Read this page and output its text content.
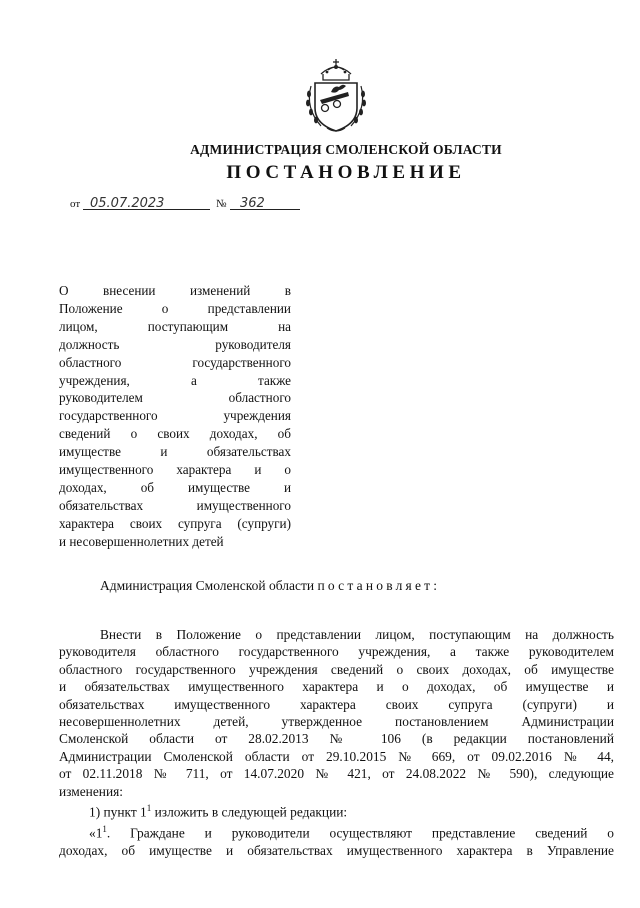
АДМИНИСТРАЦИЯ СМОЛЕНСКОЙ ОБЛАСТИ
ПОСТАНОВЛЕНИЕ
от 05.07.2023	№ 362
О внесении изменений в
Положение о представлении
лицом, поступающим на
должность руководителя
областного государственного
учреждения, а также
руководителем областного
государственного учреждения
сведений о своих доходах, об
имуществе и обязательствах
имущественного характера и о
доходах, об имуществе и
обязательствах имущественного
характера своих супруга (супруги)
и несовершеннолетних детей
Администрация Смоленской области постановляет:
Внести в Положение о представлении лицом, поступающим на должность
руководителя областного государственного учреждения, а также руководителем
областного государственного учреждения сведений о своих доходах, об имуществе
и обязательствах имущественного характера и о доходах, об имуществе и
обязательствах имущественного характера своих супруга (супруги) и
несовершеннолетних детей, утвержденное постановлением Администрации
Смоленской области от 28.02.2013 № 106 (в редакции постановлений
Администрации Смоленской области от 29.10.2015 № 669, от 09.02.2016 № 44,
от 02.11.2018 № 711, от 14.07.2020 № 421, от 24.08.2022 № 590), следующие
изменения:
1) пункт $1^1$ изложить в следующей редакции:
«$1^1$. Граждане и руководители осуществляют представление сведений о
доходах, об имуществе и обязательствах имущественного характера в Управление
